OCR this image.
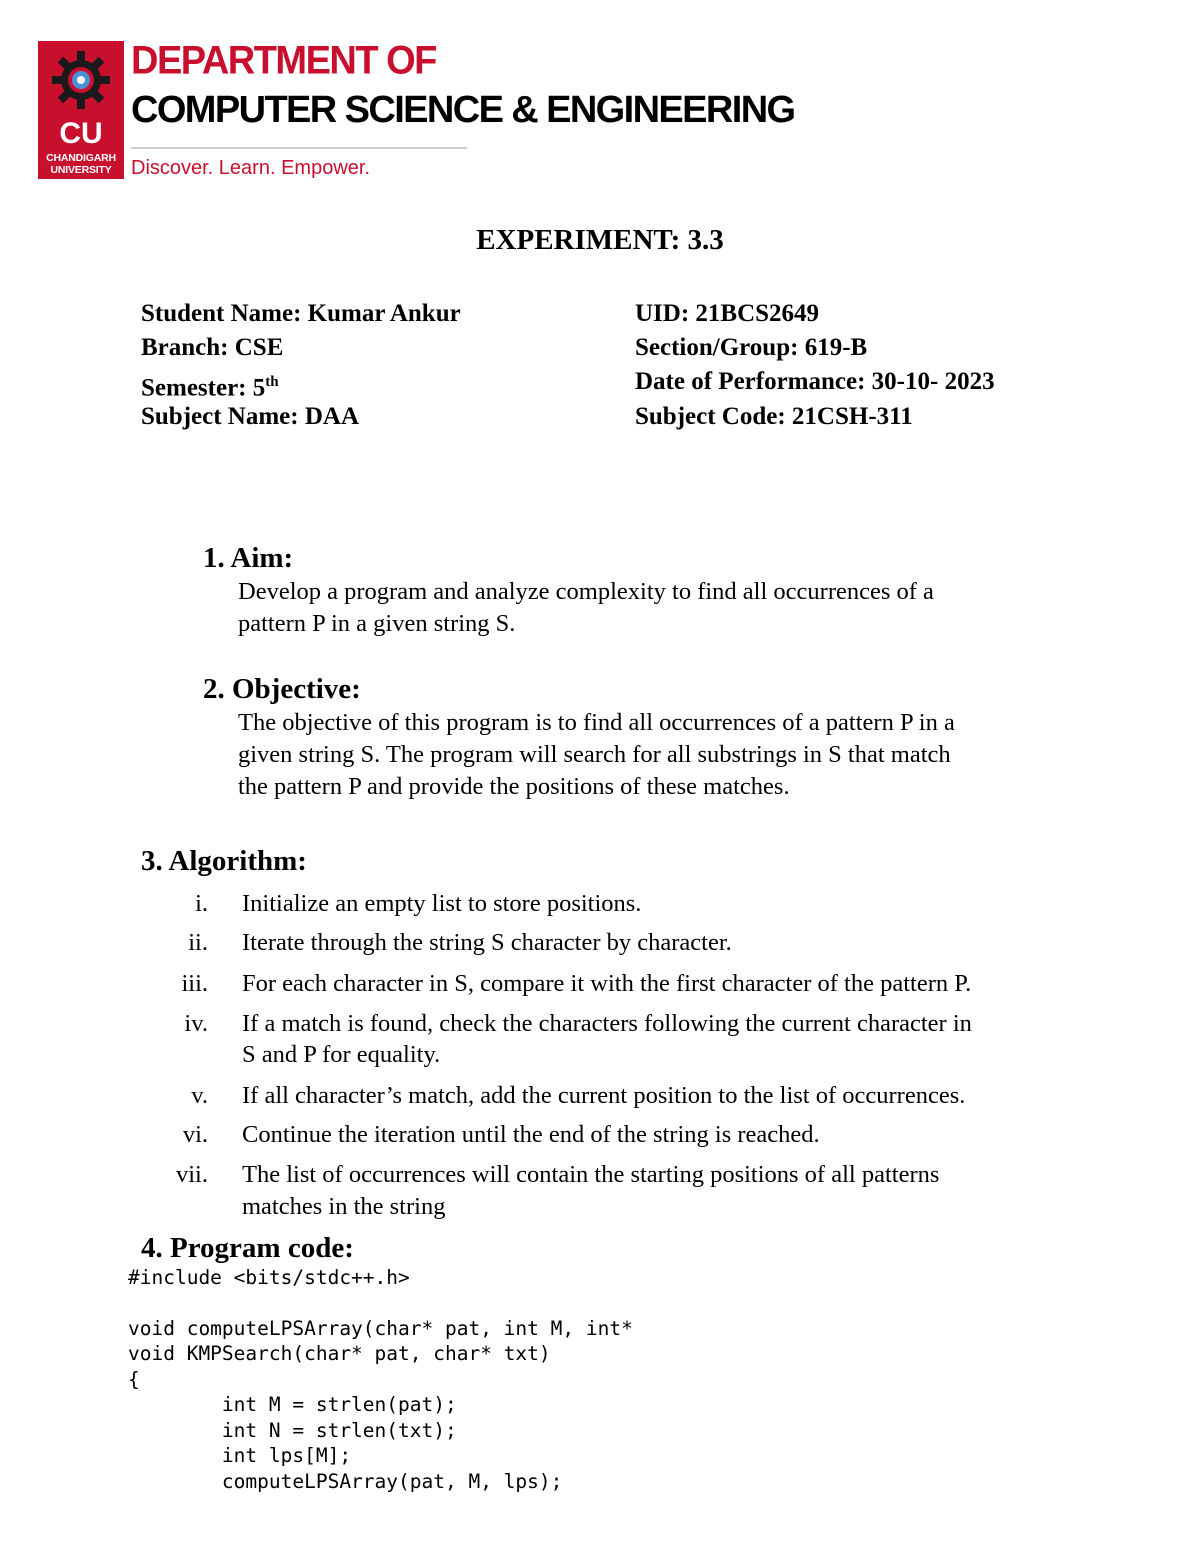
CU
CHANDIGARH
UNIVERSITY
DEPARTMENT OF
COMPUTER SCIENCE & ENGINEERING
Discover. Learn. Empower.
EXPERIMENT: 3.3
Student Name: Kumar Ankur	UID: 21BCS2649
Branch: CSE	Section/Group: 619-B
Semester: 5th	Date of Performance: 30-10- 2023
Subject Name: DAA	Subject Code: 21CSH-311
1. Aim:
Develop a program and analyze complexity to find all occurrences of a
pattern P in a given string S.
2. Objective:
The objective of this program is to find all occurrences of a pattern P in a
given string S. The program will search for all substrings in S that match
the pattern P and provide the positions of these matches.
3. Algorithm:
i. Initialize an empty list to store positions.
ii. Iterate through the string S character by character.
iii. For each character in S, compare it with the first character of the pattern P.
iv. If a match is found, check the characters following the current character in
S and P for equality.
v. If all character’s match, add the current position to the list of occurrences.
vi. Continue the iteration until the end of the string is reached.
vii. The list of occurrences will contain the starting positions of all patterns
matches in the string
4. Program code:
#include <bits/stdc++.h>
void computeLPSArray(char* pat, int M, int*
void KMPSearch(char* pat, char* txt)
{
int M = strlen(pat);
int N = strlen(txt);
int lps[M];
computeLPSArray(pat, M, lps);
